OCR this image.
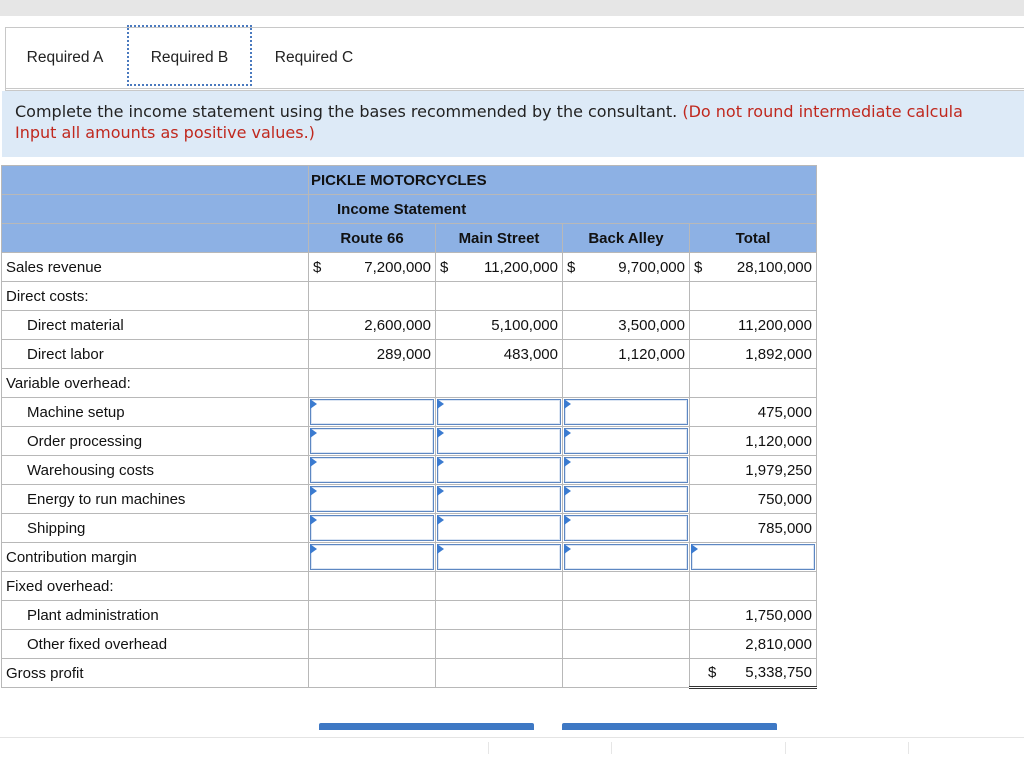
Required A	Required B	Required C
Complete the income statement using the bases recommended by the consultant. (Do not round intermediate calcula
Input all amounts as positive values.)
	PICKLE MOTORCYCLES			
	Income Statement			
	Route 66	Main Street	Back Alley	Total
Sales revenue	$ 7,200,000	$ 11,200,000	$ 9,700,000	$ 28,100,000
Direct costs:				
Direct material	2,600,000	5,100,000	3,500,000	11,200,000
Direct labor	289,000	483,000	1,120,000	1,892,000
Variable overhead:				
Machine setup				475,000
Order processing				1,120,000
Warehousing costs				1,979,250
Energy to run machines				750,000
Shipping				785,000
Contribution margin	

Fixed overhead:				
Plant administration				1,750,000
Other fixed overhead				2,810,000
Gross profit				$ 5,338,750
